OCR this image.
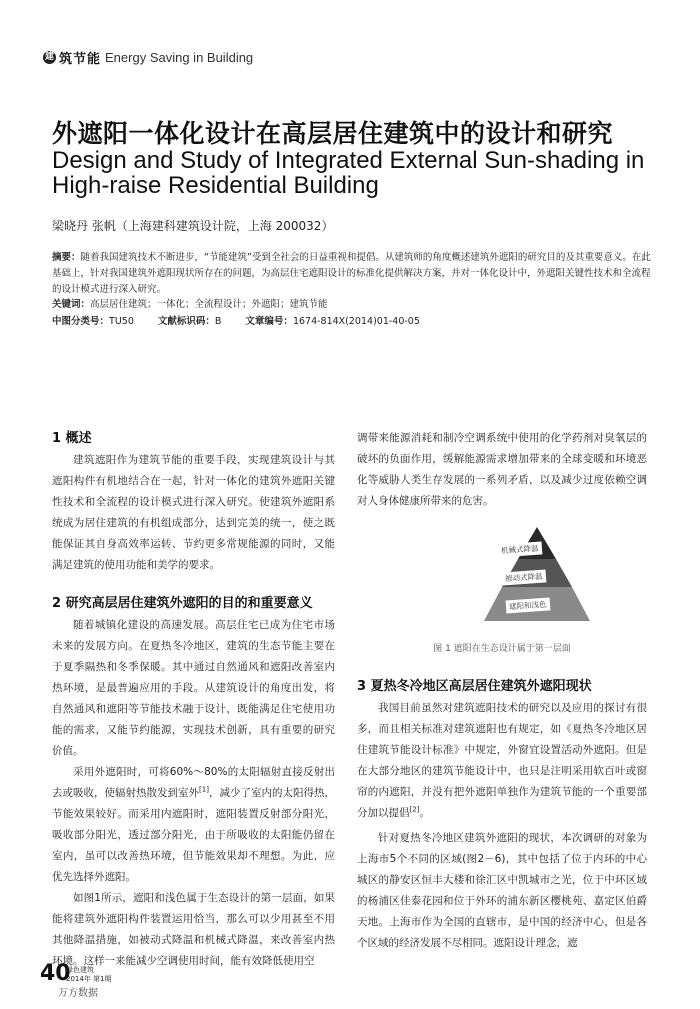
建 筑节能 Energy Saving in Building
外遮阳一体化设计在高层居住建筑中的设计和研究
Design and Study of Integrated External Sun-shading in High-raise Residential Building
梁晓丹 张帆（上海建科建筑设计院，上海 200032）
摘要：随着我国建筑技术不断进步，“节能建筑”受到全社会的日益重视和提倡。从建筑师的角度概述建筑外遮阳的研究目的及其重要意义。在此基础上，针对我国建筑外遮阳现状所存在的问题，为高层住宅遮阳设计的标准化提供解决方案，并对一体化设计中，外遮阳关键性技术和全流程的设计模式进行深入研究。
关键词：高层居住建筑；一体化；全流程设计；外遮阳；建筑节能
中图分类号：TU50	文献标识码：B	文章编号：1674-814X(2014)01-40-05
1 概述

建筑遮阳作为建筑节能的重要手段，实现建筑设计与其遮阳构件有机地结合在一起，针对一体化的建筑外遮阳关键性技术和全流程的设计模式进行深入研究。使建筑外遮阳系统成为居住建筑的有机组成部分，达到完美的统一，使之既能保证其自身高效率运转、节约更多常规能源的同时，又能满足建筑的使用功能和美学的要求。

2 研究高层居住建筑外遮阳的目的和重要意义

随着城镇化建设的高速发展。高层住宅已成为住宅市场未来的发展方向。在夏热冬冷地区，建筑的生态节能主要在于夏季隔热和冬季保暖。其中通过自然通风和遮阳改善室内热环境，是最普遍应用的手段。从建筑设计的角度出发，将自然通风和遮阳等节能技术融于设计，既能满足住宅使用功能的需求，又能节约能源，实现技术创新，具有重要的研究价值。

采用外遮阳时，可将60%～80%的太阳辐射直接反射出去或吸收，使辐射热散发到室外[1]，减少了室内的太阳得热，节能效果较好。而采用内遮阳时，遮阳装置反射部分阳光，吸收部分阳光，透过部分阳光，由于所吸收的太阳能仍留在室内，虽可以改善热环境，但节能效果却不理想。为此，应优先选择外遮阳。

如图1所示，遮阳和浅色属于生态设计的第一层面，如果能将建筑外遮阳构件装置运用恰当，那么可以少用甚至不用其他降温措施，如被动式降温和机械式降温，来改善室内热环境。这样一来能减少空调使用时间，能有效降低使用空

调带来能源消耗和制冷空调系统中使用的化学药剂对臭氧层的破坏的负面作用，缓解能源需求增加带来的全球变暖和环境恶化等威胁人类生存发展的一系列矛盾，以及减少过度依赖空调对人身体健康所带来的危害。

机械式降温
被动式降温
遮阳和浅色
图 1 遮阳在生态设计属于第一层面
3 夏热冬冷地区高层居住建筑外遮阳现状

我国目前虽然对建筑遮阳技术的研究以及应用的探讨有很多，而且相关标准对建筑遮阳也有规定，如《夏热冬冷地区居住建筑节能设计标准》中规定，外窗宜设置活动外遮阳。但是在大部分地区的建筑节能设计中，也只是注明采用软百叶或窗帘的内遮阳，并没有把外遮阳单独作为建筑节能的一个重要部分加以提倡[2]。

针对夏热冬冷地区建筑外遮阳的现状，本次调研的对象为上海市5个不同的区域(图2－6)，其中包括了位于内环的中心城区的静安区恒丰大楼和徐汇区中凯城市之光，位于中环区域的杨浦区佳泰花园和位于外环的浦东新区樱桃苑、嘉定区伯爵天地。上海市作为全国的直辖市，是中国的经济中心，但是各个区域的经济发展不尽相同。遮阳设计理念，遮

40
绿色建筑
2014年 第1期
万方数据
